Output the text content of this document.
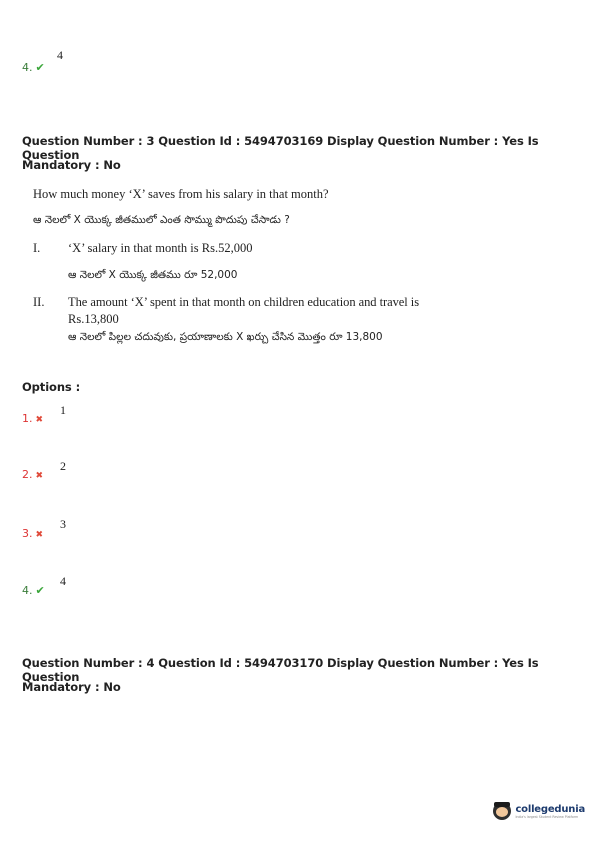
4. ✔
4
Question Number : 3 Question Id : 5494703169 Display Question Number : Yes Is Question
Mandatory : No
How much money ‘X’ saves from his salary in that month?
ఆ నెలలో X యొక్క జీతములో ఎంత సొమ్ము పొదుపు చేసాడు ?
I. ‘X’ salary in that month is Rs.52,000
ఆ నెలలో X యొక్క జీతము రూ 52,000
II. The amount ‘X’ spent in that month on children education and travel is
Rs.13,800
ఆ నెలలో పిల్లల చదువుకు, ప్రయాణాలకు X ఖర్చు చేసిన మొత్తం రూ 13,800
Options :
1. ✖
1
2. ✖
2
3. ✖
3
4. ✔
4
Question Number : 4 Question Id : 5494703170 Display Question Number : Yes Is Question
Mandatory : No
collegedunia
India's largest Student Review Platform
